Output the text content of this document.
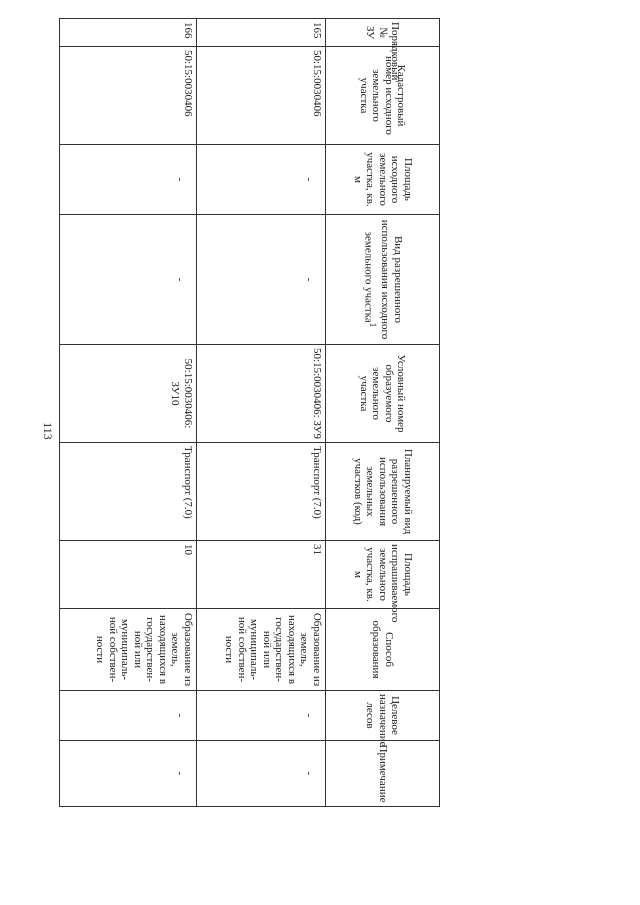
113
Порядковый № ЗУ	Кадастровый номер исходного земельного участка	Площадь исходного земельного участка, кв. м	Вид разрешенного использования исходного земельного участка$^1$	Условный номер образуемого земельного участка	Планируемый вид разрешенного использования земельных участков (код)	Площадь испрашиваемого земельного участка, кв. м	Способ образования	Целевое назначение лесов	Примечание
165	50:15:0030406	-	-	50:15:0030406: ЗУ9	Транспорт (7.0)	31	Образование из земель, находящихся в государствен-ной или муниципаль-ной собствен-ности	-	-
166	50:15:0030406	-	-	50:15:0030406: ЗУ10	Транспорт (7.0)	10	Образование из земель, находящихся в государствен-ной или муниципаль-ной собствен-ности	-	-
